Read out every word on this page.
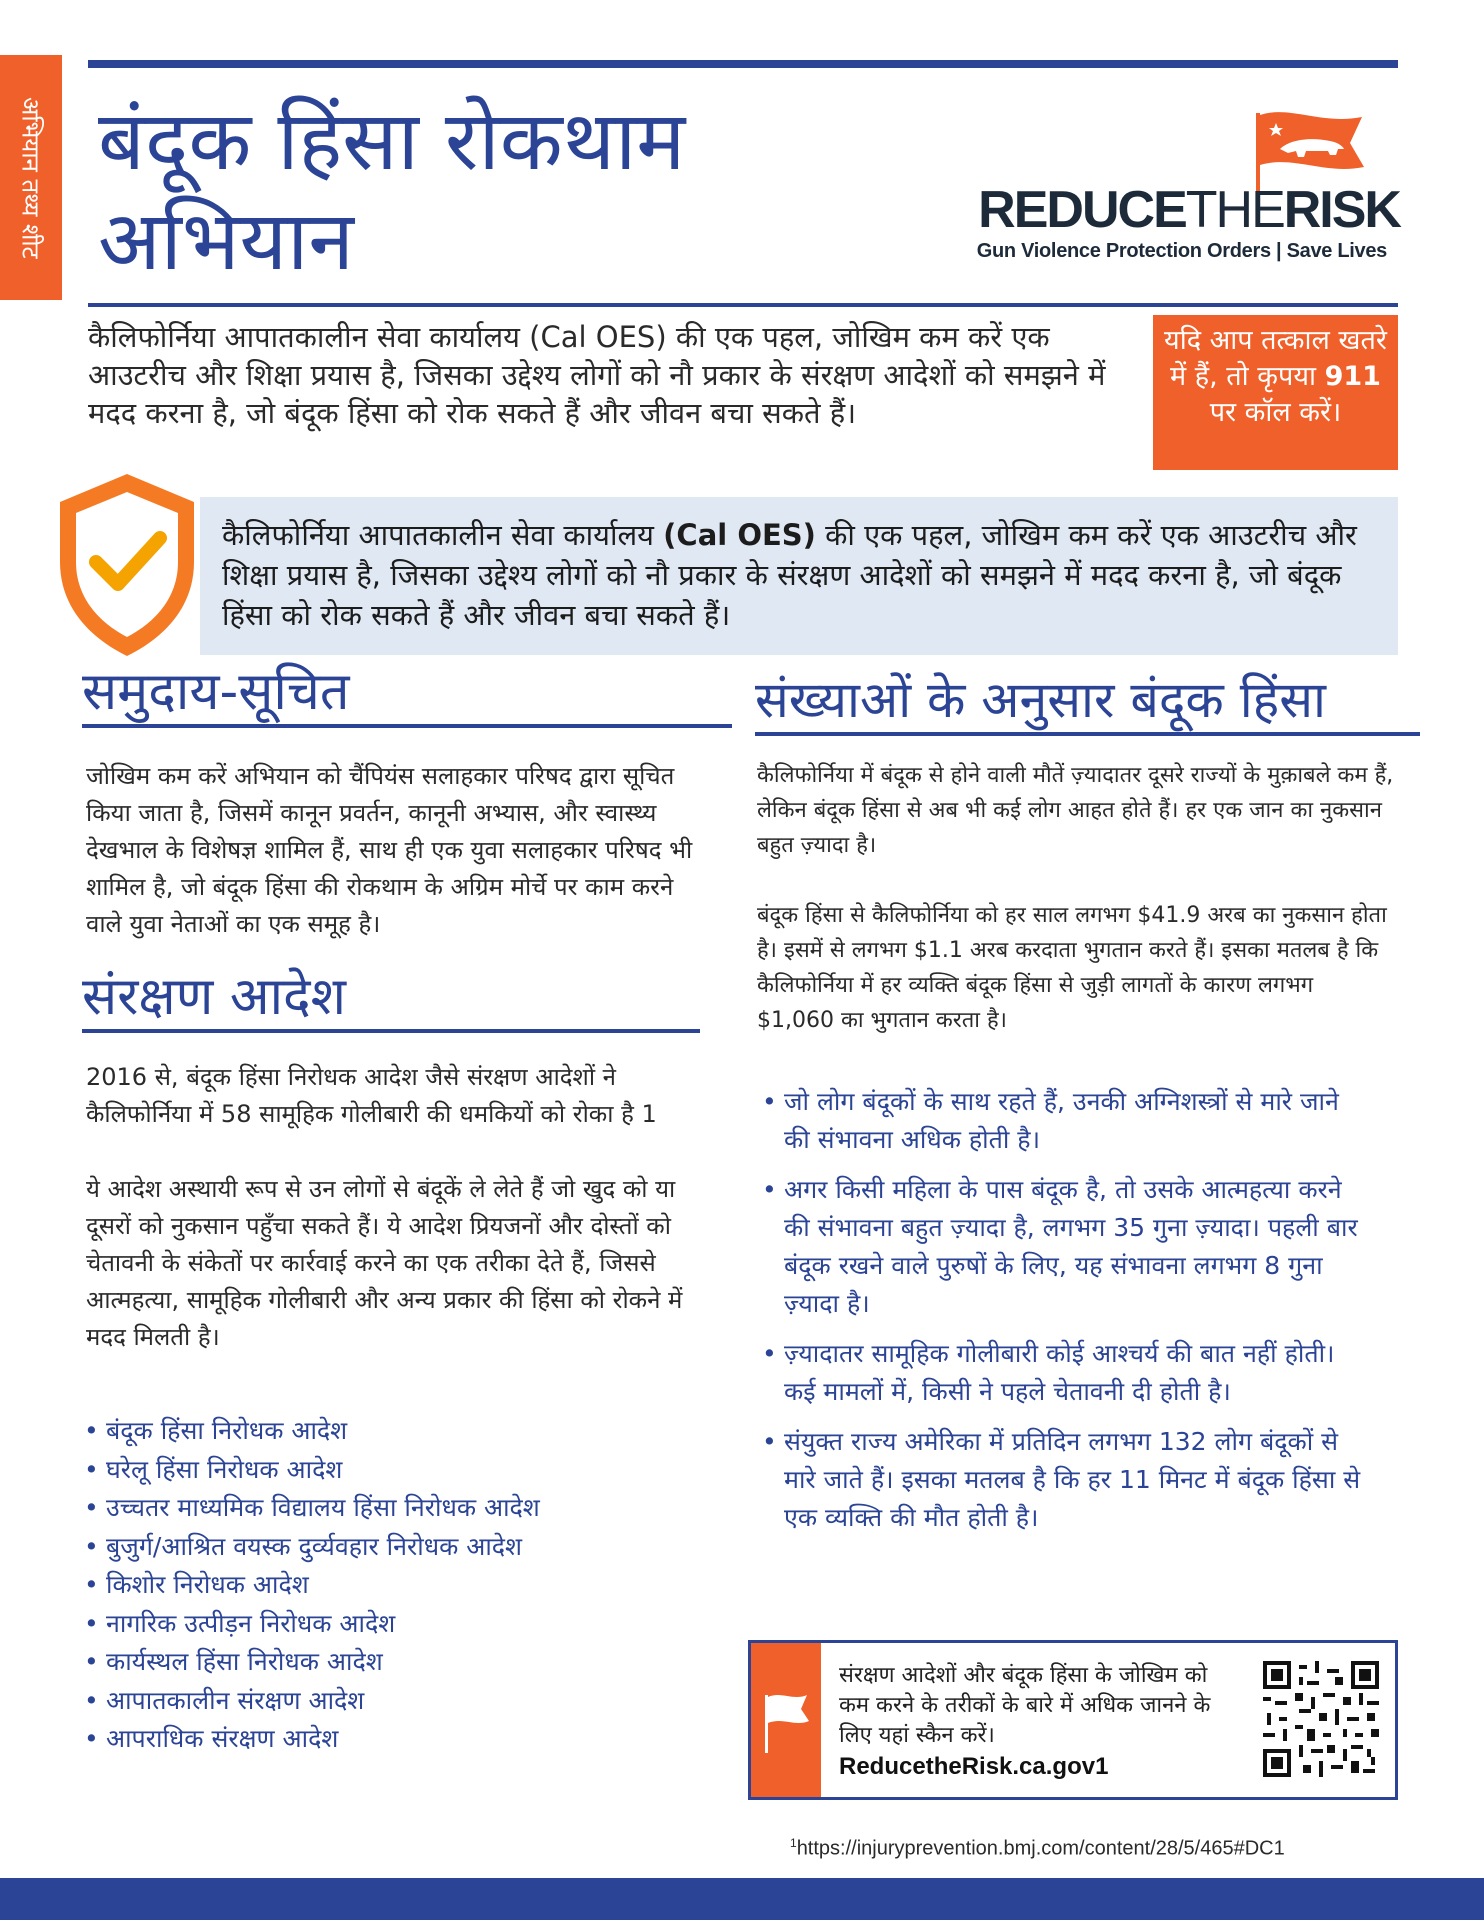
अभियान तथ्य शीट बंदूक हिंसा रोकथाम अभियान	REDUCETHERISK
Gun Violence Protection Orders | Save Lives

कैलिफोर्निया आपातकालीन सेवा कार्यालय (Cal OES) की एक पहल, जोखिम कम करें एक आउटरीच और शिक्षा प्रयास है, जिसका उद्देश्य लोगों को नौ प्रकार के संरक्षण आदेशों को समझने में मदद करना है, जो बंदूक हिंसा को रोक सकते हैं और जीवन बचा सकते हैं।

यदि आप तत्काल खतरे में हैं, तो कृपया 911 पर कॉल करें।
कैलिफोर्निया आपातकालीन सेवा कार्यालय (Cal OES) की एक पहल, जोखिम कम करें एक आउटरीच और शिक्षा प्रयास है, जिसका उद्देश्य लोगों को नौ प्रकार के संरक्षण आदेशों को समझने में मदद करना है, जो बंदूक हिंसा को रोक सकते हैं और जीवन बचा सकते हैं।
समुदाय-सूचित

जोखिम कम करें अभियान को चैंपियंस सलाहकार परिषद द्वारा सूचित किया जाता है, जिसमें कानून प्रवर्तन, कानूनी अभ्यास, और स्वास्थ्य देखभाल के विशेषज्ञ शामिल हैं, साथ ही एक युवा सलाहकार परिषद भी शामिल है, जो बंदूक हिंसा की रोकथाम के अग्रिम मोर्चे पर काम करने वाले युवा नेताओं का एक समूह है।

संरक्षण आदेश

2016 से, बंदूक हिंसा निरोधक आदेश जैसे संरक्षण आदेशों ने कैलिफोर्निया में 58 सामूहिक गोलीबारी की धमकियों को रोका है 1

ये आदेश अस्थायी रूप से उन लोगों से बंदूकें ले लेते हैं जो खुद को या दूसरों को नुकसान पहुँचा सकते हैं। ये आदेश प्रियजनों और दोस्तों को चेतावनी के संकेतों पर कार्रवाई करने का एक तरीका देते हैं, जिससे आत्महत्या, सामूहिक गोलीबारी और अन्य प्रकार की हिंसा को रोकने में मदद मिलती है।

• बंदूक हिंसा निरोधक आदेश
• घरेलू हिंसा निरोधक आदेश
• उच्चतर माध्यमिक विद्यालय हिंसा निरोधक आदेश
• बुजुर्ग/आश्रित वयस्क दुर्व्यवहार निरोधक आदेश
• किशोर निरोधक आदेश
• नागरिक उत्पीड़न निरोधक आदेश
• कार्यस्थल हिंसा निरोधक आदेश
• आपातकालीन संरक्षण आदेश
• आपराधिक संरक्षण आदेश
संख्याओं के अनुसार बंदूक हिंसा

कैलिफोर्निया में बंदूक से होने वाली मौतें ज़्यादातर दूसरे राज्यों के मुक़ाबले कम हैं, लेकिन बंदूक हिंसा से अब भी कई लोग आहत होते हैं। हर एक जान का नुकसान बहुत ज़्यादा है।

बंदूक हिंसा से कैलिफोर्निया को हर साल लगभग $41.9 अरब का नुकसान होता है। इसमें से लगभग $1.1 अरब करदाता भुगतान करते हैं। इसका मतलब है कि कैलिफोर्निया में हर व्यक्ति बंदूक हिंसा से जुड़ी लागतों के कारण लगभग $1,060 का भुगतान करता है।

• जो लोग बंदूकों के साथ रहते हैं, उनकी अग्निशस्त्रों से मारे जाने की संभावना अधिक होती है।
• अगर किसी महिला के पास बंदूक है, तो उसके आत्महत्या करने की संभावना बहुत ज़्यादा है, लगभग 35 गुना ज़्यादा। पहली बार बंदूक रखने वाले पुरुषों के लिए, यह संभावना लगभग 8 गुना ज़्यादा है।
• ज़्यादातर सामूहिक गोलीबारी कोई आश्चर्य की बात नहीं होती। कई मामलों में, किसी ने पहले चेतावनी दी होती है।
• संयुक्त राज्य अमेरिका में प्रतिदिन लगभग 132 लोग बंदूकों से मारे जाते हैं। इसका मतलब है कि हर 11 मिनट में बंदूक हिंसा से एक व्यक्ति की मौत होती है।
संरक्षण आदेशों और बंदूक हिंसा के जोखिम को कम करने के तरीकों के बारे में अधिक जानने के लिए यहां स्कैन करें।
ReducetheRisk.ca.gov1
$^1$https://injuryprevention.bmj.com/content/28/5/465#DC1
